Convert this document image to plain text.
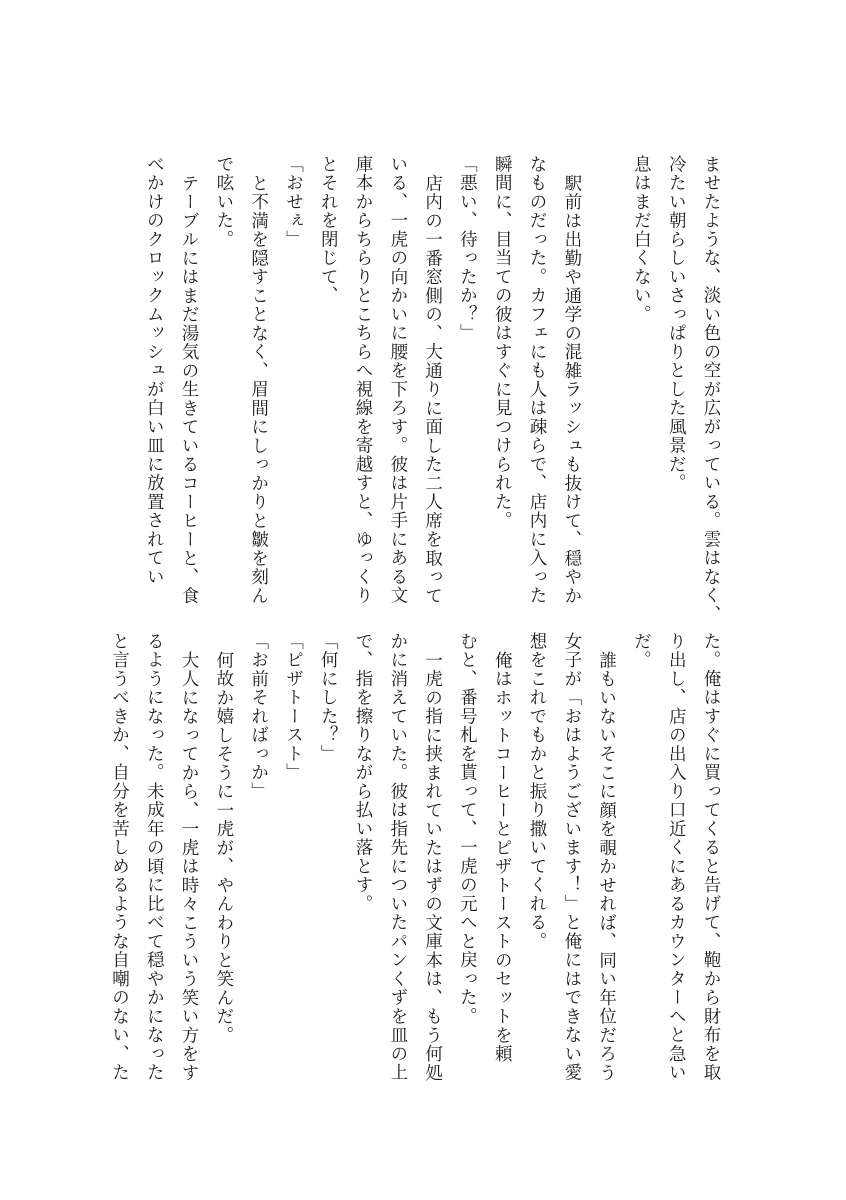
ませたような、淡い色の空が広がっている。雲はなく、
冷たい朝らしいさっぱりとした風景だ。
息はまだ白くない。

駅前は出勤や通学の混雑ラッシュも抜けて、穏やか
なものだった。カフェにも人は疎らで、店内に入った
瞬間に、目当ての彼はすぐに見つけられた。
「悪い、待ったか？」
店内の一番窓側の、大通りに面した二人席を取って
いる、一虎の向かいに腰を下ろす。彼は片手にある文
庫本からちらりとこちらへ視線を寄越すと、ゆっくり
とそれを閉じて、
「おせぇ」
と不満を隠すことなく、眉間にしっかりと皺を刻ん
で呟いた。
テーブルにはまだ湯気の生きているコーヒーと、食
べかけのクロックムッシュが白い皿に放置されてい
た。俺はすぐに買ってくると告げて、鞄から財布を取
り出し、店の出入り口近くにあるカウンターへと急い
だ。
誰もいないそこに顔を覗かせれば、同い年位だろう
女子が「おはようございます！」と俺にはできない愛
想をこれでもかと振り撒いてくれる。
俺はホットコーヒーとピザトーストのセットを頼
むと、番号札を貰って、一虎の元へと戻った。
一虎の指に挟まれていたはずの文庫本は、もう何処
かに消えていた。彼は指先についたパンくずを皿の上
で、指を擦りながら払い落とす。
「何にした？」
「ピザトースト」
「お前そればっか」
何故か嬉しそうに一虎が、やんわりと笑んだ。
大人になってから、一虎は時々こういう笑い方をす
るようになった。未成年の頃に比べて穏やかになった
と言うべきか、自分を苦しめるような自嘲のない、た
